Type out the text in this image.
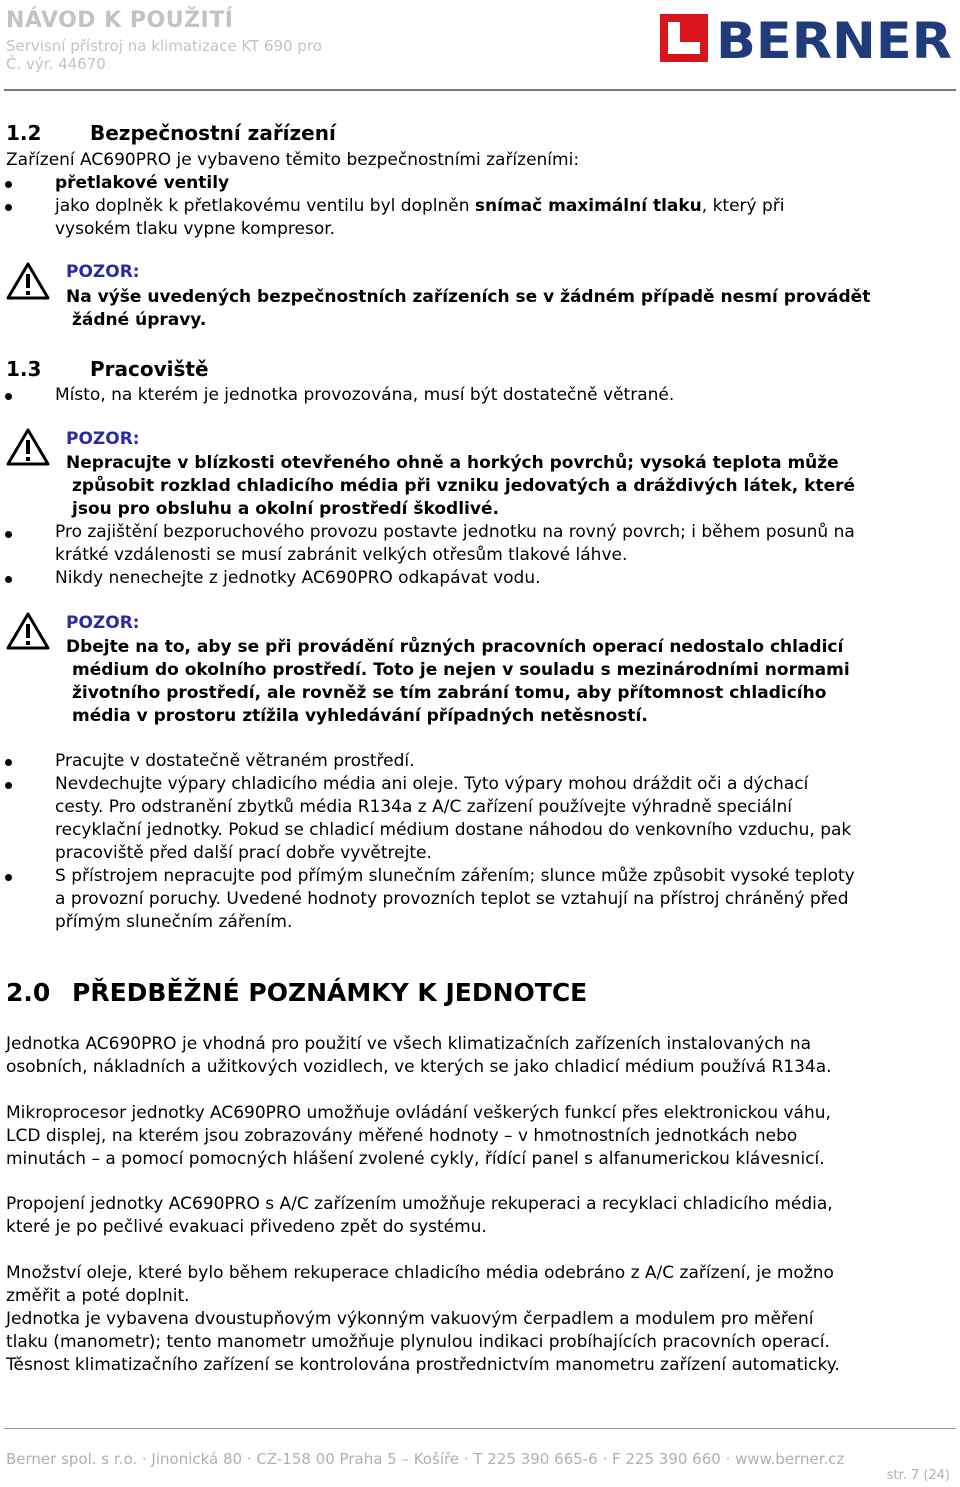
NÁVOD K POUŽITÍ
Servisní přístroj na klimatizace KT 690 pro
Č. výr. 44670	BERNER
1.2 Bezpečnostní zařízení
Zařízení AC690PRO je vybaveno těmito bezpečnostními zařízeními:
přetlakové ventily
jako doplněk k přetlakovému ventilu byl doplněn snímač maximální tlaku, který při
vysokém tlaku vypne kompresor.
POZOR:
Na výše uvedených bezpečnostních zařízeních se v žádném případě nesmí provádět
žádné úpravy.
1.3 Pracoviště
Místo, na kterém je jednotka provozována, musí být dostatečně větrané.
POZOR:
Nepracujte v blízkosti otevřeného ohně a horkých povrchů; vysoká teplota může
způsobit rozklad chladicího média při vzniku jedovatých a dráždivých látek, které
jsou pro obsluhu a okolní prostředí škodlivé.
Pro zajištění bezporuchového provozu postavte jednotku na rovný povrch; i během posunů na
krátké vzdálenosti se musí zabránit velkých otřesům tlakové láhve.
Nikdy nenechejte z jednotky AC690PRO odkapávat vodu.
POZOR:
Dbejte na to, aby se při provádění různých pracovních operací nedostalo chladicí
médium do okolního prostředí. Toto je nejen v souladu s mezinárodními normami
životního prostředí, ale rovněž se tím zabrání tomu, aby přítomnost chladicího
média v prostoru ztížila vyhledávání případných netěsností.
Pracujte v dostatečně větraném prostředí.
Nevdechujte výpary chladicího média ani oleje. Tyto výpary mohou dráždit oči a dýchací
cesty. Pro odstranění zbytků média R134a z A/C zařízení používejte výhradně speciální
recyklační jednotky. Pokud se chladicí médium dostane náhodou do venkovního vzduchu, pak
pracoviště před další prací dobře vyvětrejte.
S přístrojem nepracujte pod přímým slunečním zářením; slunce může způsobit vysoké teploty
a provozní poruchy. Uvedené hodnoty provozních teplot se vztahují na přístroj chráněný před
přímým slunečním zářením.
2.0 PŘEDBĚŽNÉ POZNÁMKY K JEDNOTCE
Jednotka AC690PRO je vhodná pro použití ve všech klimatizačních zařízeních instalovaných na
osobních, nákladních a užitkových vozidlech, ve kterých se jako chladicí médium používá R134a.
Mikroprocesor jednotky AC690PRO umožňuje ovládání veškerých funkcí přes elektronickou váhu,
LCD displej, na kterém jsou zobrazovány měřené hodnoty – v hmotnostních jednotkách nebo
minutách – a pomocí pomocných hlášení zvolené cykly, řídící panel s alfanumerickou klávesnicí.
Propojení jednotky AC690PRO s A/C zařízením umožňuje rekuperaci a recyklaci chladicího média,
které je po pečlivé evakuaci přivedeno zpět do systému.
Množství oleje, které bylo během rekuperace chladicího média odebráno z A/C zařízení, je možno
změřit a poté doplnit.
Jednotka je vybavena dvoustupňovým výkonným vakuovým čerpadlem a modulem pro měření
tlaku (manometr); tento manometr umožňuje plynulou indikaci probíhajících pracovních operací.
Těsnost klimatizačního zařízení se kontrolována prostřednictvím manometru zařízení automaticky.
Berner spol. s r.o. · Jinonická 80 · CZ-158 00 Praha 5 – Košíře · T 225 390 665-6 · F 225 390 660 · www.berner.cz
str. 7 (24)
